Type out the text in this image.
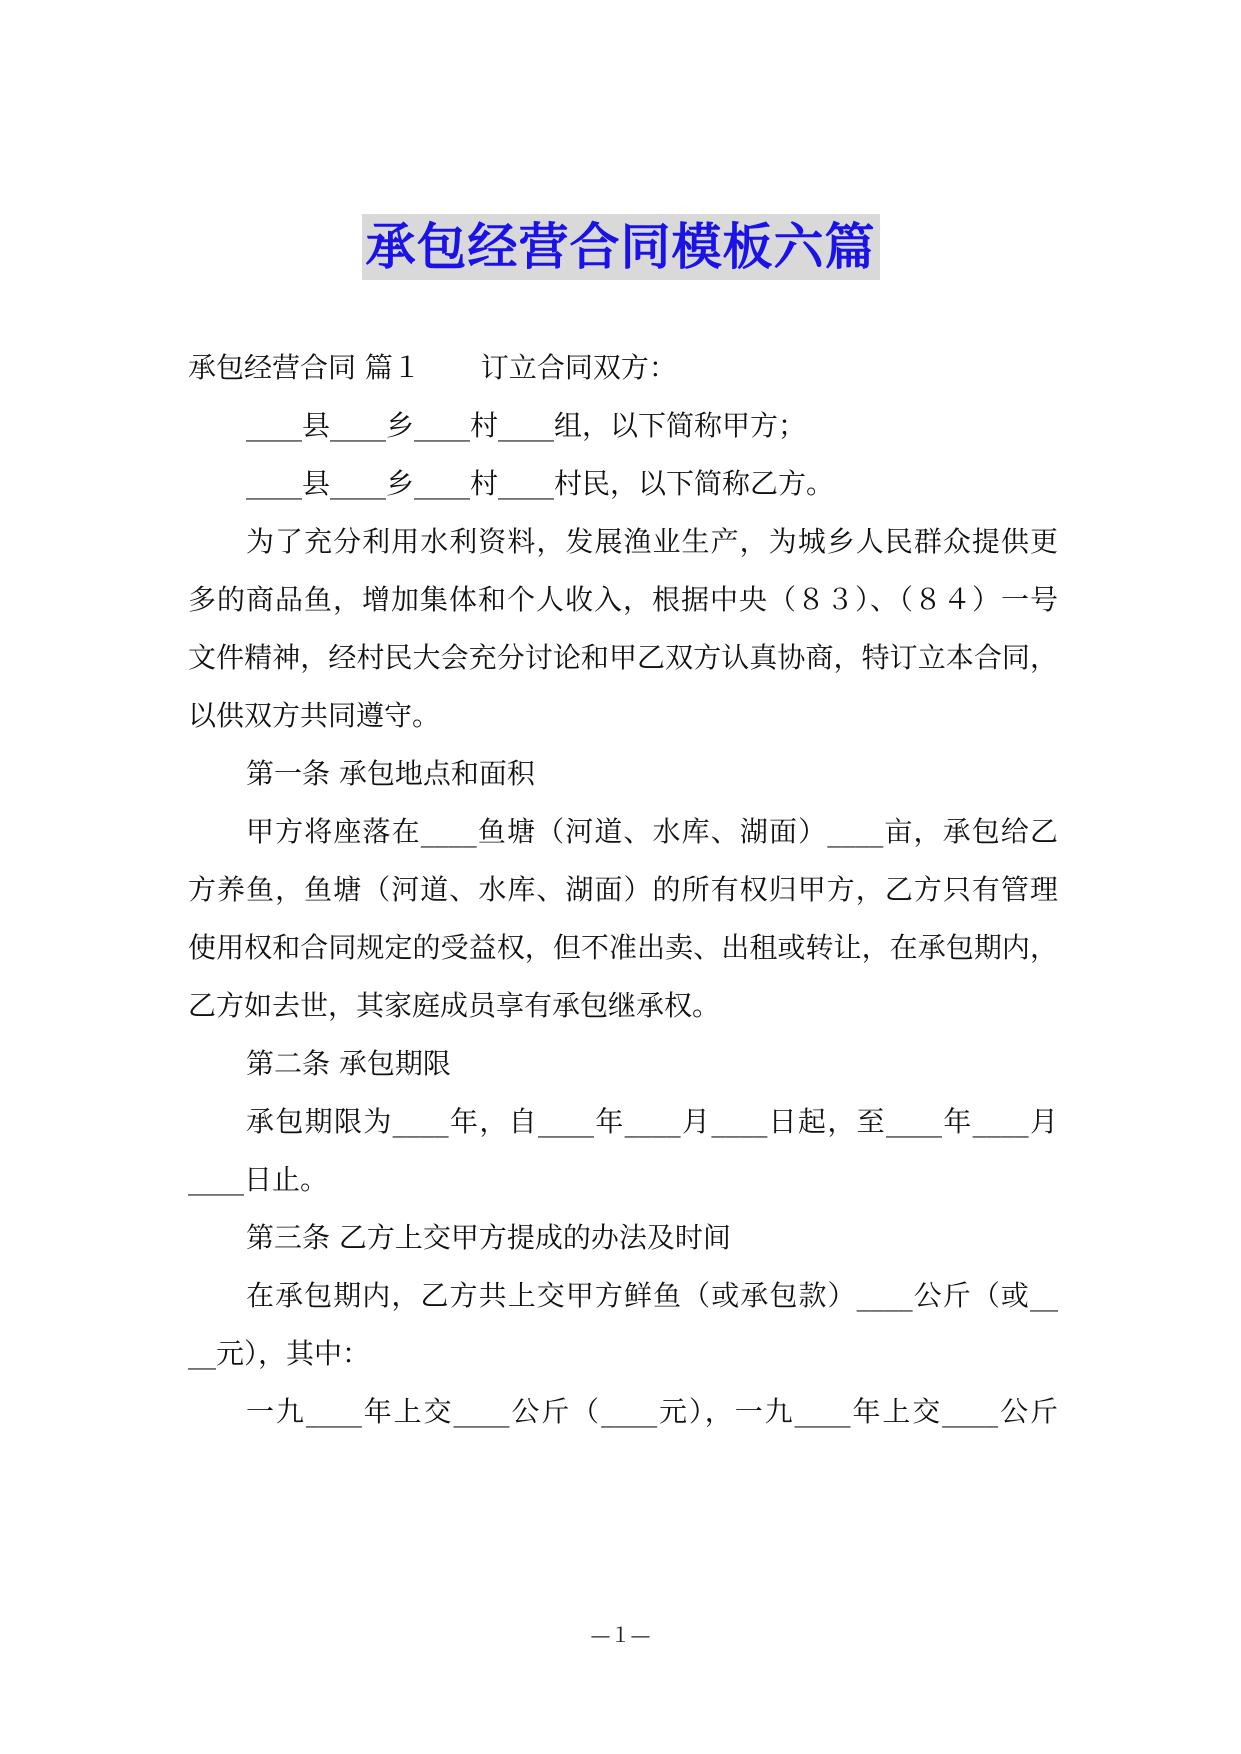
承包经营合同模板六篇
承包经营合同 篇１ 订立合同双方：
____县____乡____村____组，以下简称甲方；
____县____乡____村____村民，以下简称乙方。
为了充分利用水利资料，发展渔业生产，为城乡人民群众提供更
多的商品鱼，增加集体和个人收入，根据中央（８３）、（８４）一号
文件精神，经村民大会充分讨论和甲乙双方认真协商，特订立本合同，
以供双方共同遵守。
第一条 承包地点和面积
甲方将座落在____鱼塘（河道、水库、湖面）____亩，承包给乙
方养鱼，鱼塘（河道、水库、湖面）的所有权归甲方，乙方只有管理
使用权和合同规定的受益权，但不准出卖、出租或转让，在承包期内，
乙方如去世，其家庭成员享有承包继承权。
第二条 承包期限
承包期限为____年，自____年____月____日起，至____年____月
____日止。
第三条 乙方上交甲方提成的办法及时间
在承包期内，乙方共上交甲方鲜鱼（或承包款）____公斤（或__
__元），其中：
一九____年上交____公斤（____元），一九____年上交____公斤
—１—
